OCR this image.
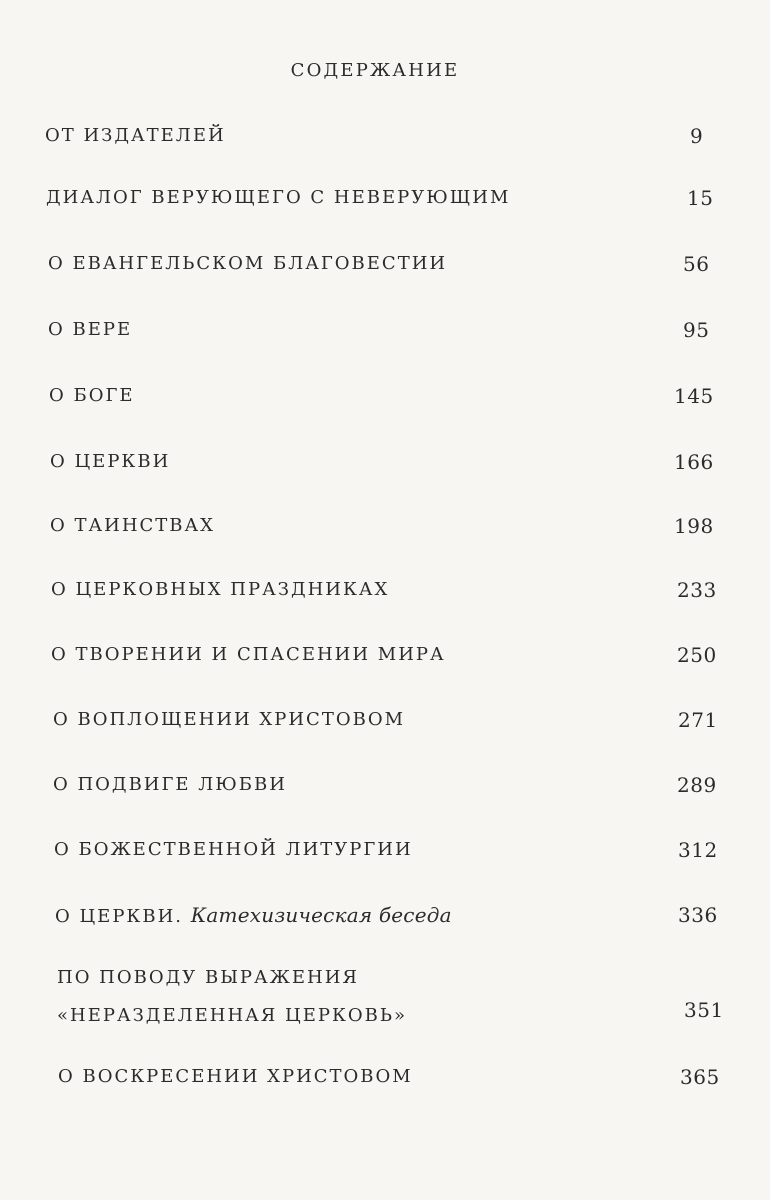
СОДЕРЖАНИЕ
ОТ ИЗДАТЕЛЕЙ	9
ДИАЛОГ ВЕРУЮЩЕГО С НЕВЕРУЮЩИМ	15
О ЕВАНГЕЛЬСКОМ БЛАГОВЕСТИИ	56
О ВЕРЕ	95
О БОГЕ	145
О ЦЕРКВИ	166
О ТАИНСТВАХ	198
О ЦЕРКОВНЫХ ПРАЗДНИКАХ	233
О ТВОРЕНИИ И СПАСЕНИИ МИРА	250
О ВОПЛОЩЕНИИ ХРИСТОВОМ	271
О ПОДВИГЕ ЛЮБВИ	289
О БОЖЕСТВЕННОЙ ЛИТУРГИИ	312
О ЦЕРКВИ. Катехизическая беседа	336
ПО ПОВОДУ ВЫРАЖЕНИЯ
«НЕРАЗДЕЛЕННАЯ ЦЕРКОВЬ»	351
О ВОСКРЕСЕНИИ ХРИСТОВОМ	365
